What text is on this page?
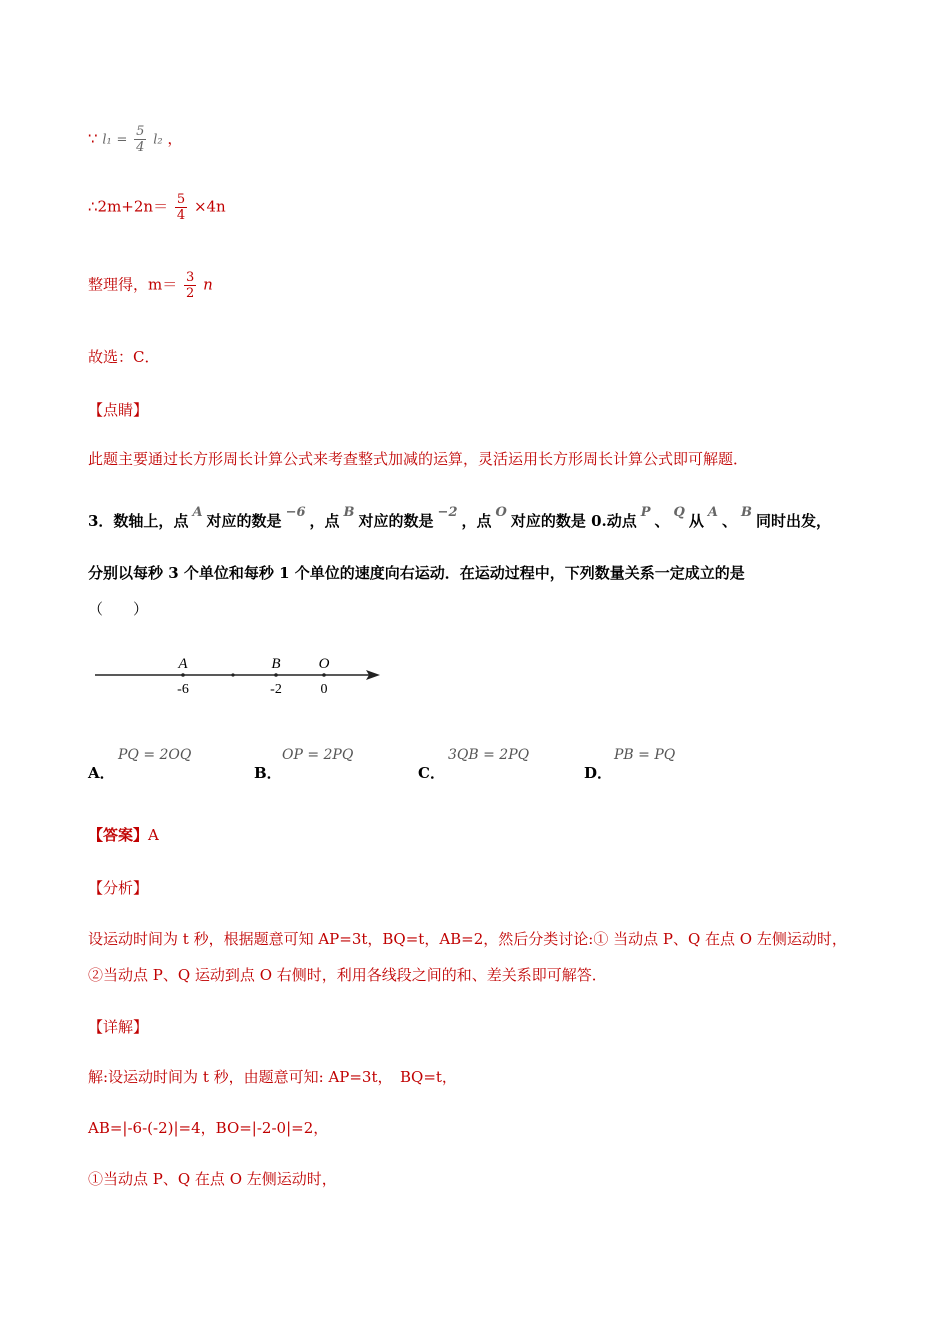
∵ $l_1 = \frac{5}{4} l_2$ ，
∴2m+2n＝ $\frac{5}{4} \times 4n$
整理得，$m= \frac{3}{2}$ n
故选：C．
【点睛】
此题主要通过长方形周长计算公式来考查整式加减的运算，灵活运用长方形周长计算公式即可解题．
3．数轴上，点 A 对应的数是 −6 ，点 B 对应的数是 −2 ，点 O 对应的数是 0.动点 P 、 Q 从 A 、 B 同时出发，
分别以每秒 3 个单位和每秒 1 个单位的速度向右运动．在运动过程中，下列数量关系一定成立的是
（　　）
A	B	O
-6	-2	0
A．
PQ = 2OQ
B．
OP = 2PQ
C．
3QB = 2PQ
D．
PB = PQ
【答案】A
【分析】
设运动时间为 t 秒，根据题意可知 AP=3t，BQ=t，AB=2，然后分类讨论:① 当动点 P、Q 在点 O 左侧运动时，
②当动点 P、Q 运动到点 O 右侧时，利用各线段之间的和、差关系即可解答．
【详解】
解:设运动时间为 t 秒，由题意可知: AP=3t，　BQ=t，
AB=|-6-(-2)|=4，BO=|-2-0|=2，
①当动点 P、Q 在点 O 左侧运动时，
